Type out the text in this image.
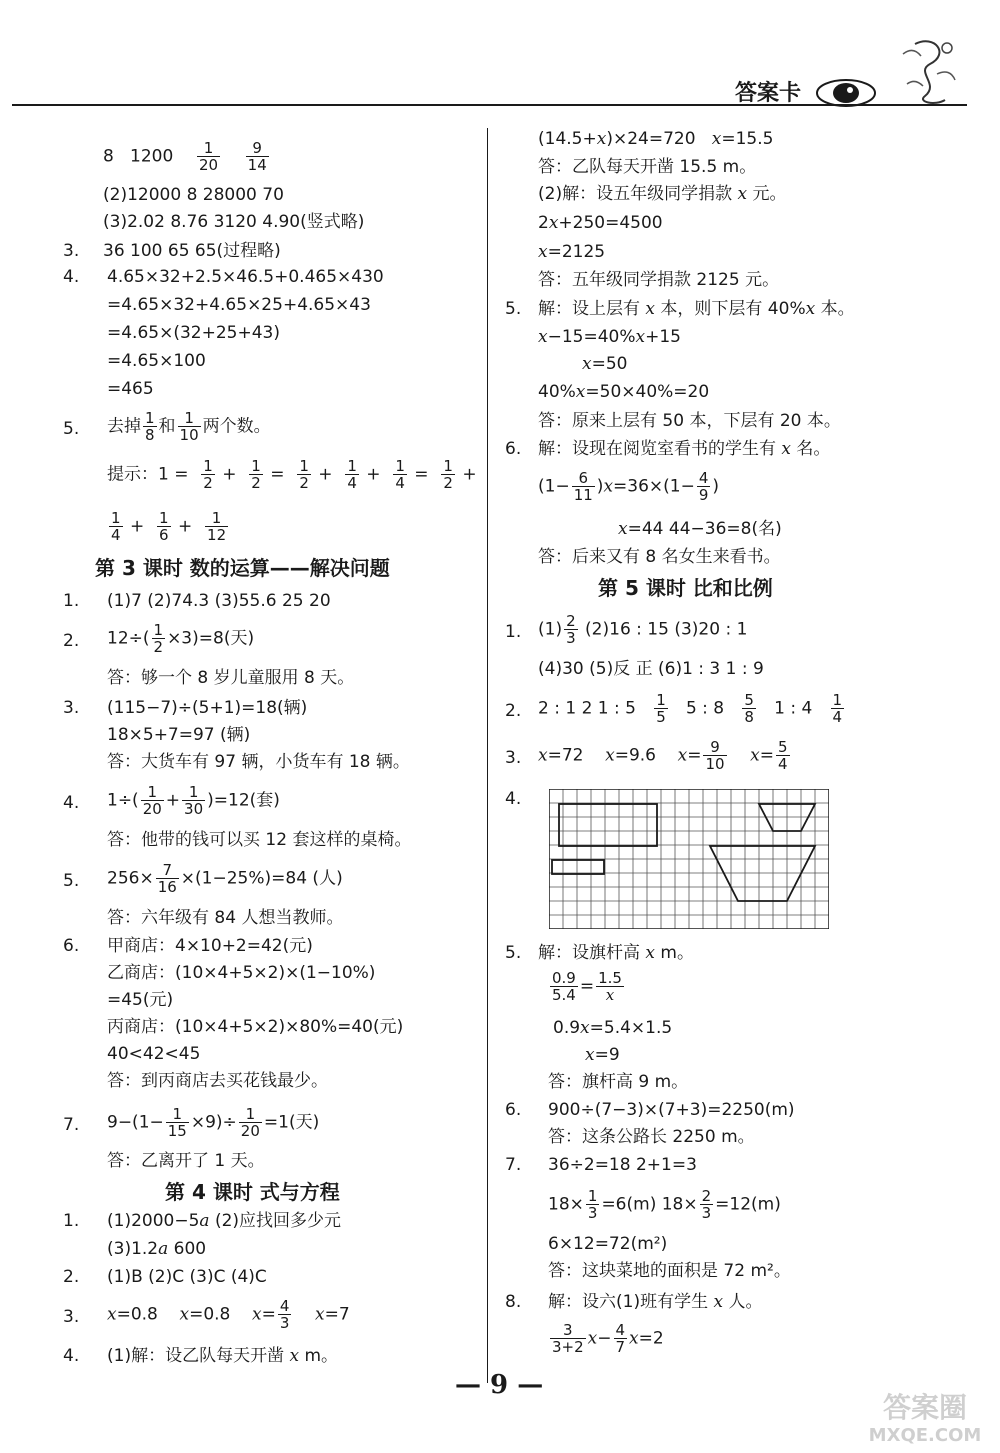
答案卡
8 $1200 \frac{1}{20}$
$\frac{9}{14}$
(2)12000 8 28000 70
(3)2.02 8.76 3120 4.90(竖式略)
3. 36 100 65 65(过程略)
4. 4.65×32+2.5×46.5+0.465×430
=4.65×32+4.65×25+4.65×43
=4.65×(32+25+43)
=4.65×100
=465
5. 去掉 $\frac{1}{8}$ 和 $\frac{1}{10}$ 两个数。
提示：$1 = \frac{1}{2} + \frac{1}{2} = \frac{1}{2} + \frac{1}{4} + \frac{1}{4} = \frac{1}{2}$ +
$\frac{1}{4} + \frac{1}{6} + \frac{1}{12}$
第 3 课时 数的运算——解决问题
1. (1)7 (2)74.3 (3)55.6 25 20
2. $12\div( \frac{1}{2} \times 3)=8$(天)
答：够一个 8 岁儿童服用 8 天。
3. (115−7)÷(5+1)=18(辆)
18×5+7=97 (辆)
答：大货车有 97 辆，小货车有 18 辆。
4. $1\div( \frac{1}{20} + \frac{1}{30} )=12$(套)
答：他带的钱可以买 12 套这样的桌椅。
5. $256\times \frac{7}{16} \times(1-25\%)=84$ (人)
答：六年级有 84 人想当教师。
6. 甲商店：4×10+2=42(元)
乙商店：(10×4+5×2)×(1−10%)
=45(元)
丙商店：(10×4+5×2)×80%=40(元)
40<42<45
答：到丙商店去买花钱最少。
7. $9-(1- \frac{1}{15} \times 9)\div \frac{1}{20} =1$(天)
答：乙离开了 1 天。
第 4 课时 式与方程
1. (1)2000−5a (2)应找回多少元
(3)1.2a 600
2. (1)B (2)C (3)C (4)C
3. x=0.8 x=0.8 $x= \frac{4}{3} x=7$
4. (1)解：设乙队每天开凿 x m。
(14.5+x)×24=720 x=15.5
答：乙队每天开凿 15.5 m。
(2)解：设五年级同学捐款 x 元。
2x+250=4500
x=2125
答：五年级同学捐款 2125 元。
5. 解：设上层有 x 本，则下层有 40%x 本。
x−15=40%x+15
x=50
40%x=50×40%=20
答：原来上层有 50 本，下层有 20 本。
6. 解：设现在阅览室看书的学生有 x 名。
$(1- \frac{6}{11} )x=36\times(1- \frac{4}{9}$ )
x=44 44−36=8(名)
答：后来又有 8 名女生来看书。
第 5 课时 比和比例
1. $(1) \frac{2}{3} (2)16$ : 15 (3)20 : 1
(4)30 (5)反 正 (6)1 : 3 1 : 9
2. 2 : 1 2 1 : $5 \frac{1}{5} 5$ : $8 \frac{5}{8} 1$ : $4 \frac{1}{4}$
3. x=72 x=9.6 $x= \frac{9}{10} x= \frac{5}{4}$
4.
5. 解：设旗杆高 x m。
$\frac{0.9}{5.4} = \frac{1.5}{x}$
0.9x=5.4×1.5
x=9
答：旗杆高 9 m。
6. 900÷(7−3)×(7+3)=2250(m)
答：这条公路长 2250 m。
7. 36÷2=18 2+1=3
$18\times \frac{1}{3} =6(m)$ $18\times \frac{2}{3} =12(m)$
6×12=72(m²)
答：这块菜地的面积是 72 m²。
8. 解：设六(1)班有学生 x 人。
$\frac{3}{3+2} x- \frac{4}{7} x=2$
— 9 —
答案圈
MXQE.COM
